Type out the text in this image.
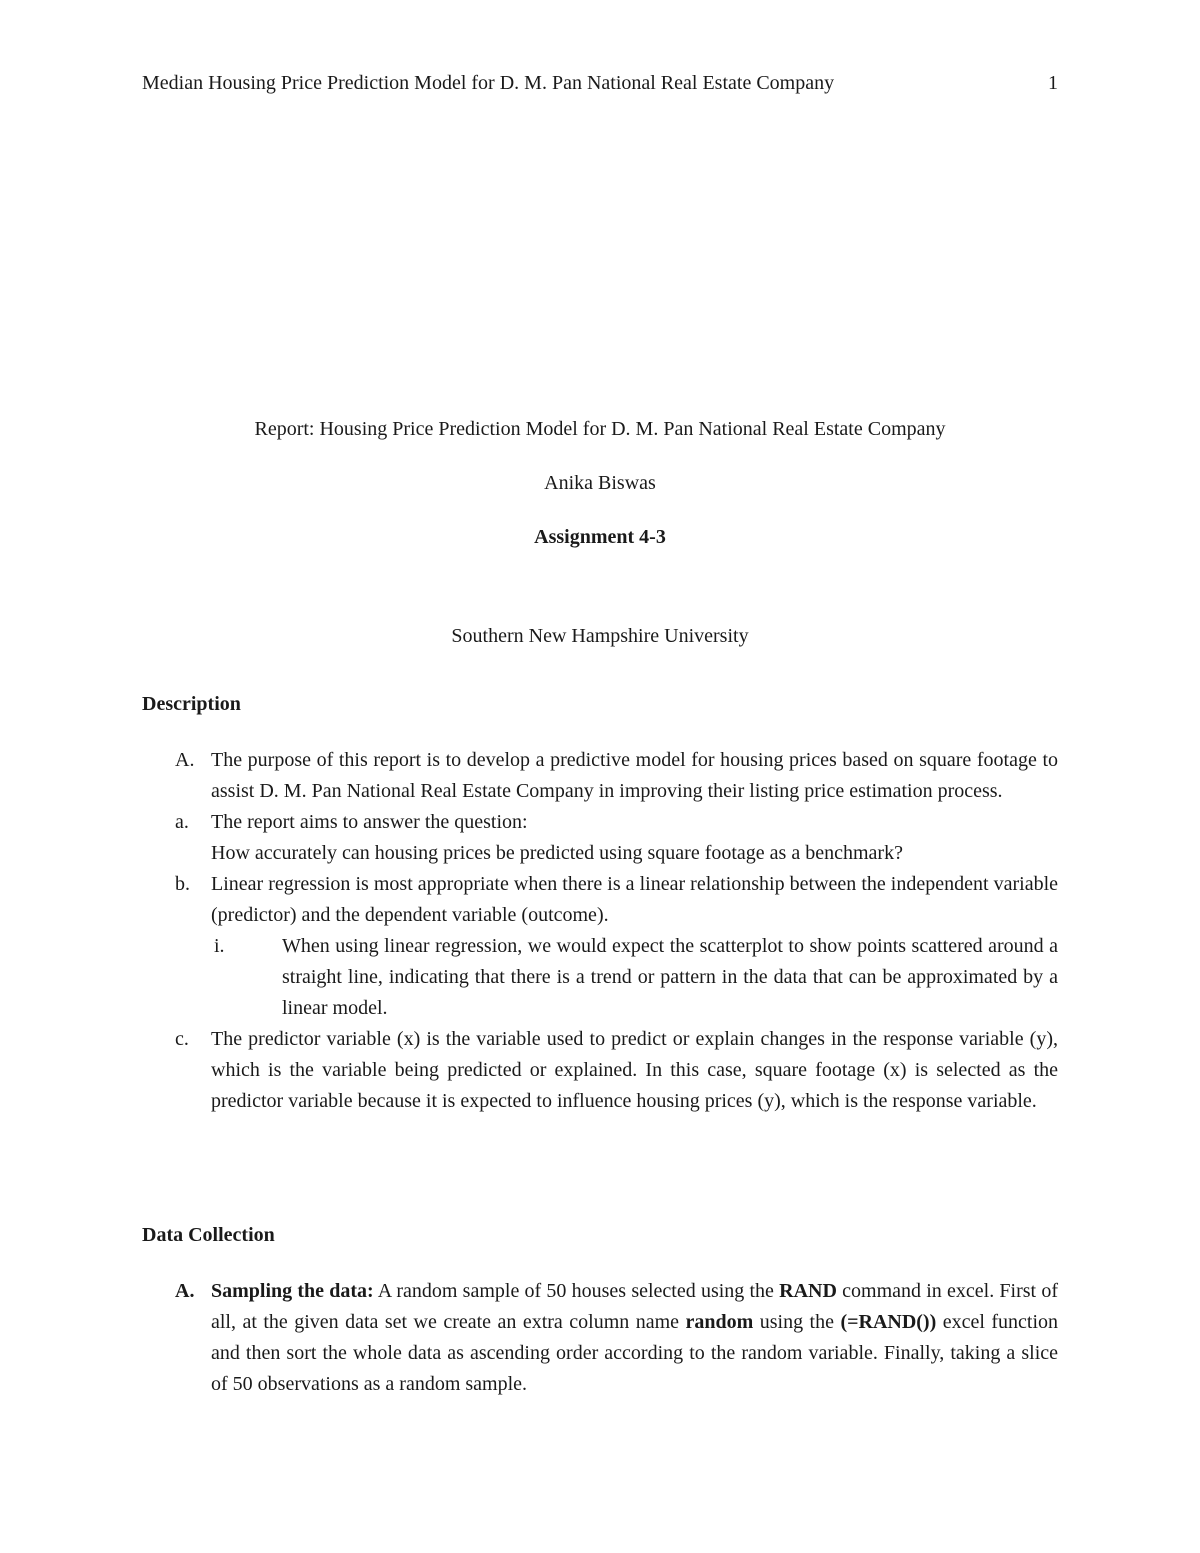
Median Housing Price Prediction Model for D. M. Pan National Real Estate Company	1
Report: Housing Price Prediction Model for D. M. Pan National Real Estate Company
Anika Biswas
Assignment 4-3
Southern New Hampshire University
Description
A. The purpose of this report is to develop a predictive model for housing prices based on square footage to assist D. M. Pan National Real Estate Company in improving their listing price estimation process.
a. The report aims to answer the question:
How accurately can housing prices be predicted using square footage as a benchmark?
b. Linear regression is most appropriate when there is a linear relationship between the independent variable (predictor) and the dependent variable (outcome).
i.	When using linear regression, we would expect the scatterplot to show points scattered around a straight line, indicating that there is a trend or pattern in the data that can be approximated by a linear model.
c. The predictor variable (x) is the variable used to predict or explain changes in the response variable (y), which is the variable being predicted or explained. In this case, square footage (x) is selected as the predictor variable because it is expected to influence housing prices (y), which is the response variable.
Data Collection
A. Sampling the data: A random sample of 50 houses selected using the RAND command in excel. First of all, at the given data set we create an extra column name random using the (=RAND()) excel function and then sort the whole data as ascending order according to the random variable. Finally, taking a slice of 50 observations as a random sample.
